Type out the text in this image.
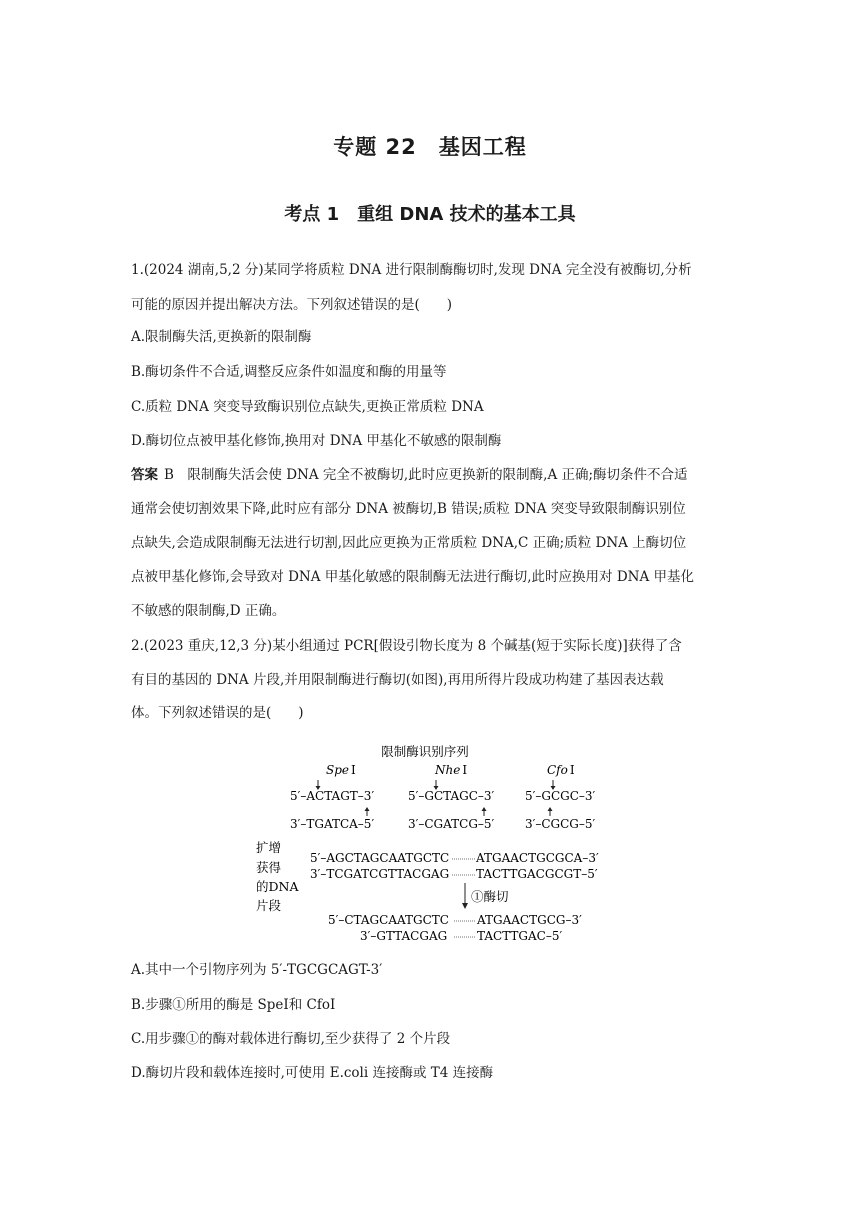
专题 22　基因工程
考点 1　重组 DNA 技术的基本工具
1.(2024 湖南,5,2 分)某同学将质粒 DNA 进行限制酶酶切时,发现 DNA 完全没有被酶切,分析
可能的原因并提出解决方法。下列叙述错误的是(　　)
A.限制酶失活,更换新的限制酶
B.酶切条件不合适,调整反应条件如温度和酶的用量等
C.质粒 DNA 突变导致酶识别位点缺失,更换正常质粒 DNA
D.酶切位点被甲基化修饰,换用对 DNA 甲基化不敏感的限制酶
答案 B　限制酶失活会使 DNA 完全不被酶切,此时应更换新的限制酶,A 正确;酶切条件不合适
通常会使切割效果下降,此时应有部分 DNA 被酶切,B 错误;质粒 DNA 突变导致限制酶识别位
点缺失,会造成限制酶无法进行切割,因此应更换为正常质粒 DNA,C 正确;质粒 DNA 上酶切位
点被甲基化修饰,会导致对 DNA 甲基化敏感的限制酶无法进行酶切,此时应换用对 DNA 甲基化
不敏感的限制酶,D 正确。
2.(2023 重庆,12,3 分)某小组通过 PCR[假设引物长度为 8 个碱基(短于实际长度)]获得了含
有目的基因的 DNA 片段,并用限制酶进行酶切(如图),再用所得片段成功构建了基因表达载
体。下列叙述错误的是(　　)
限制酶识别序列
Spe Ⅰ	Nhe Ⅰ	Cfo Ⅰ
5′–ACTAGT–3′	5′–GCTAGC–3′	5′–GCGC–3′
3′–TGATCA–5′	3′–CGATCG–5′	3′–CGCG–5′
扩增
获得
的DNA
片段
5′–AGCTAGCAATGCTC ATGAACTGCGCA–3′
3′–TCGATCGTTACGAG TACTTGACGCGT–5′
①酶切
5′–CTAGCAATGCTC ATGAACTGCG–3′
3′–GTTACGAG TACTTGAC–5′
A.其中一个引物序列为 5′-TGCGCAGT-3′
B.步骤①所用的酶是 SpeⅠ和 CfoⅠ
C.用步骤①的酶对载体进行酶切,至少获得了 2 个片段
D.酶切片段和载体连接时,可使用 E.coli 连接酶或 T4 连接酶
